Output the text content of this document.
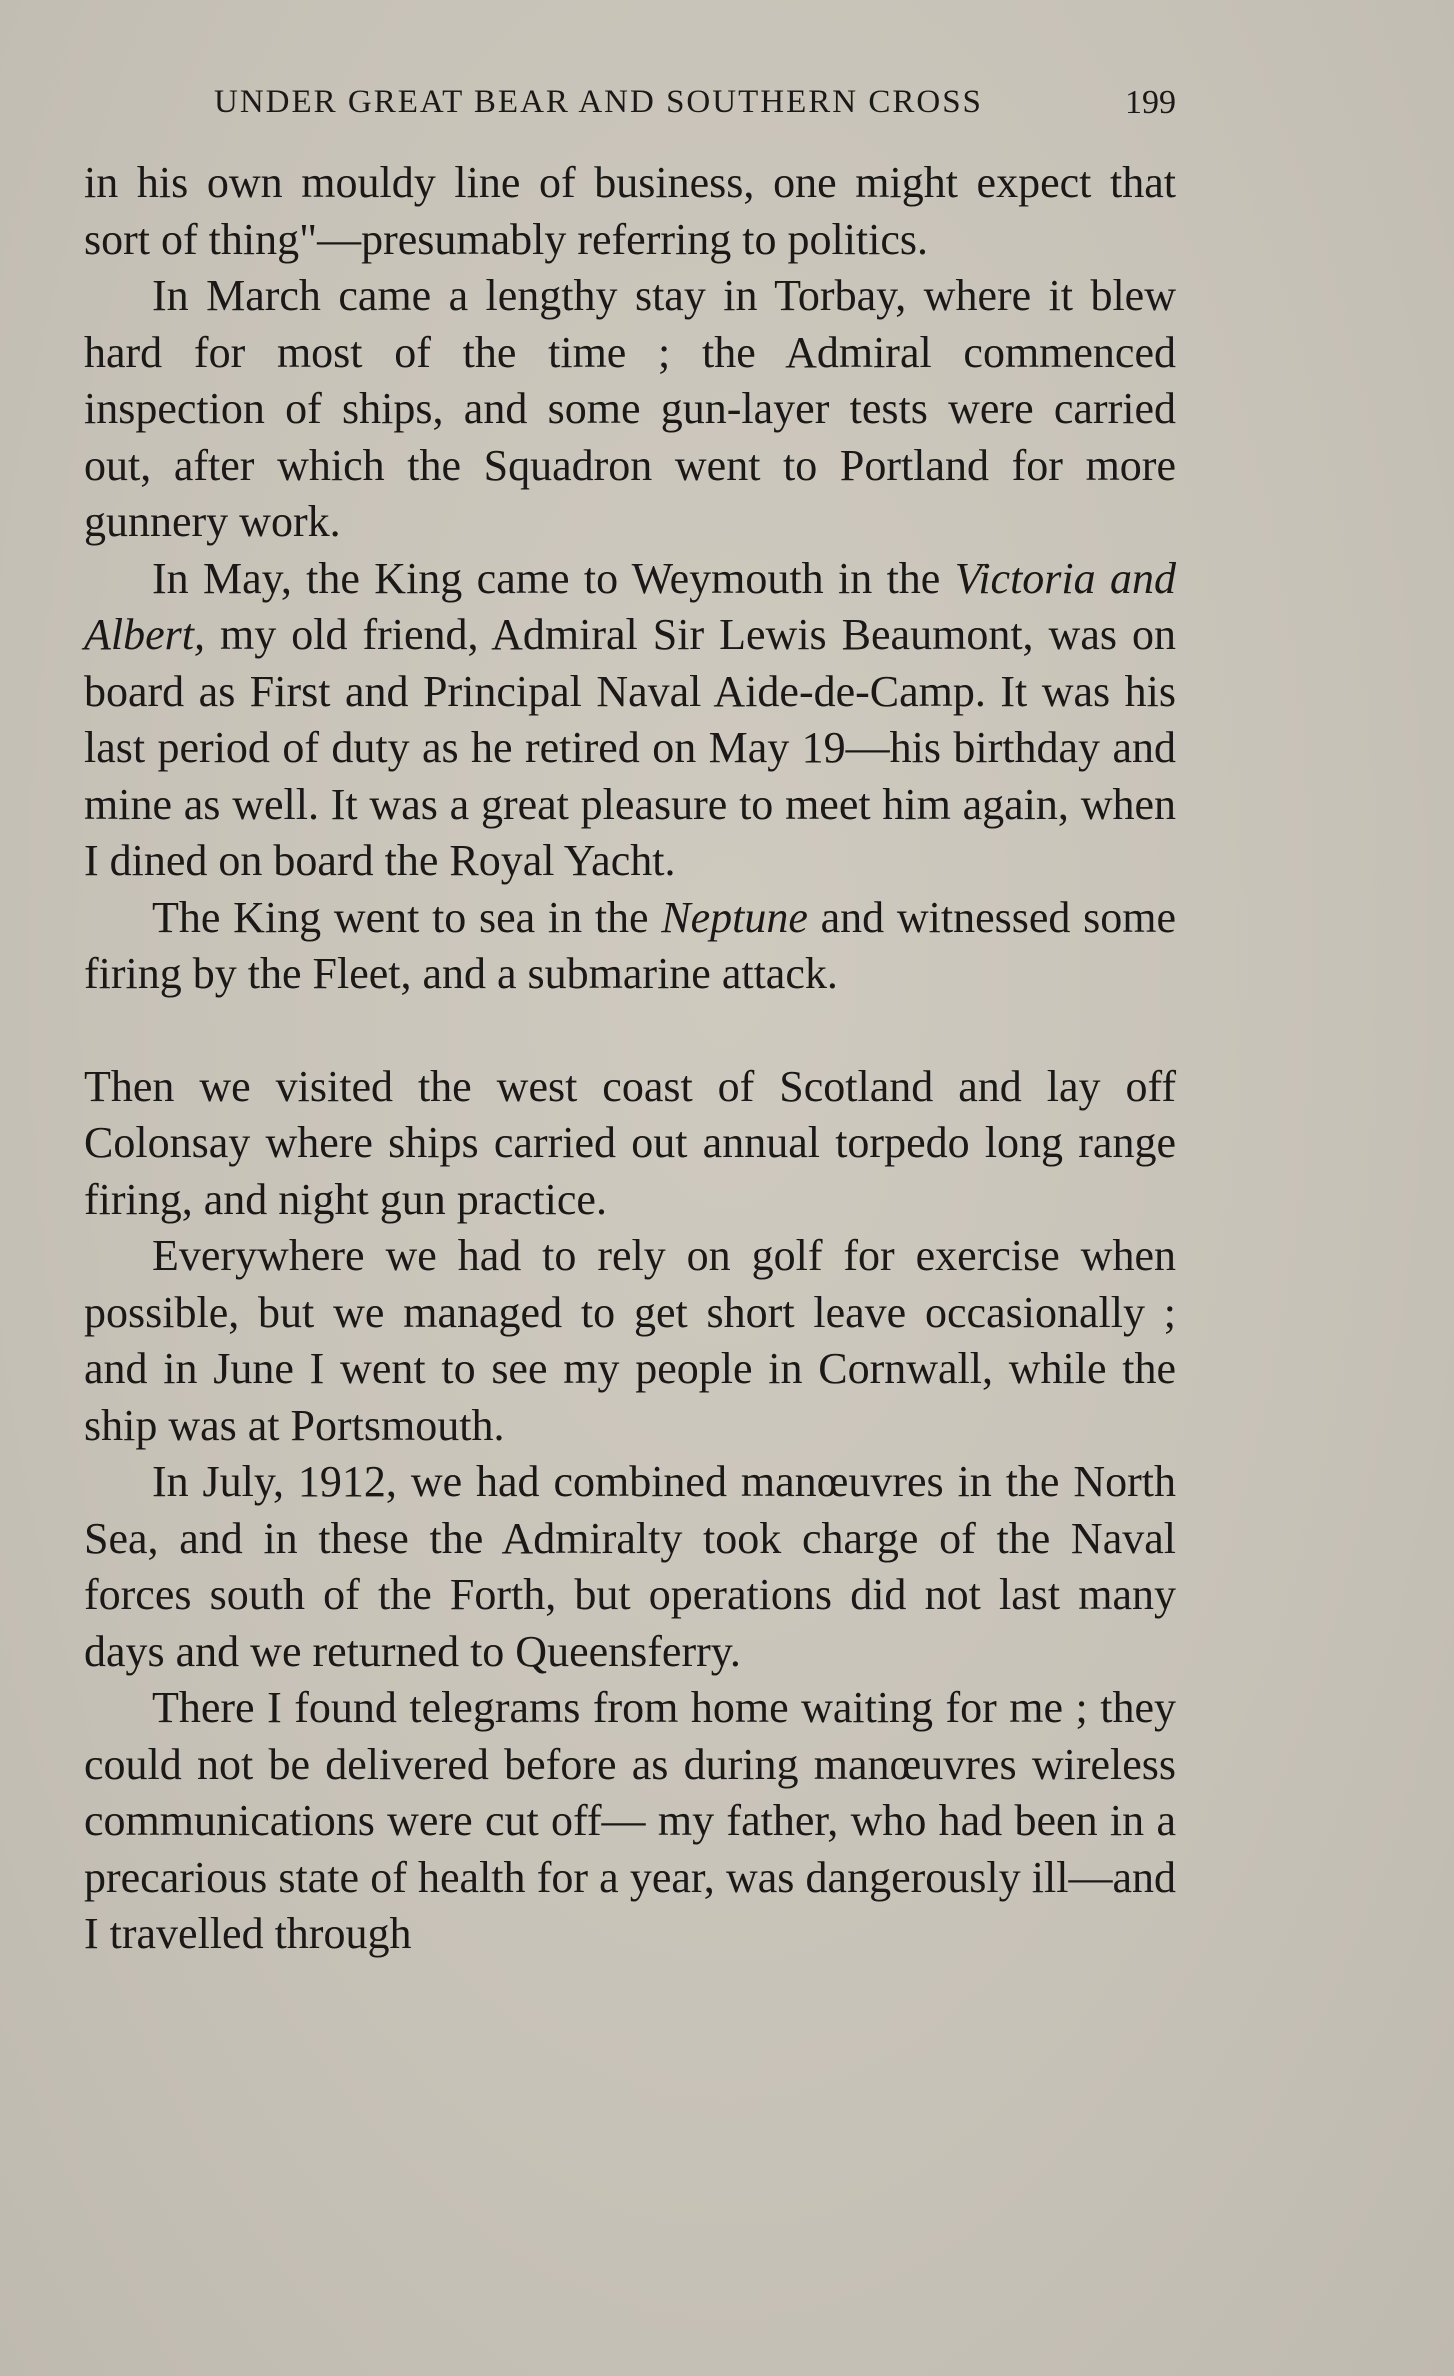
UNDER GREAT BEAR AND SOUTHERN CROSS	199

in his own mouldy line of business, one might expect that sort of thing"—presumably referring to politics.

In March came a lengthy stay in Torbay, where it blew hard for most of the time ; the Admiral commenced inspection of ships, and some gun-layer tests were carried out, after which the Squadron went to Portland for more gunnery work.

In May, the King came to Weymouth in the Victoria and Albert, my old friend, Admiral Sir Lewis Beaumont, was on board as First and Principal Naval Aide-de-Camp. It was his last period of duty as he retired on May 19—his birthday and mine as well. It was a great pleasure to meet him again, when I dined on board the Royal Yacht.

The King went to sea in the Neptune and witnessed some firing by the Fleet, and a submarine attack.

Then we visited the west coast of Scotland and lay off Colonsay where ships carried out annual torpedo long range firing, and night gun practice.

Everywhere we had to rely on golf for exercise when possible, but we managed to get short leave occasionally ; and in June I went to see my people in Cornwall, while the ship was at Portsmouth.

In July, 1912, we had combined manœuvres in the North Sea, and in these the Admiralty took charge of the Naval forces south of the Forth, but operations did not last many days and we returned to Queensferry.

There I found telegrams from home waiting for me ; they could not be delivered before as during manœuvres wireless communications were cut off— my father, who had been in a precarious state of health for a year, was dangerously ill—and I travelled through
